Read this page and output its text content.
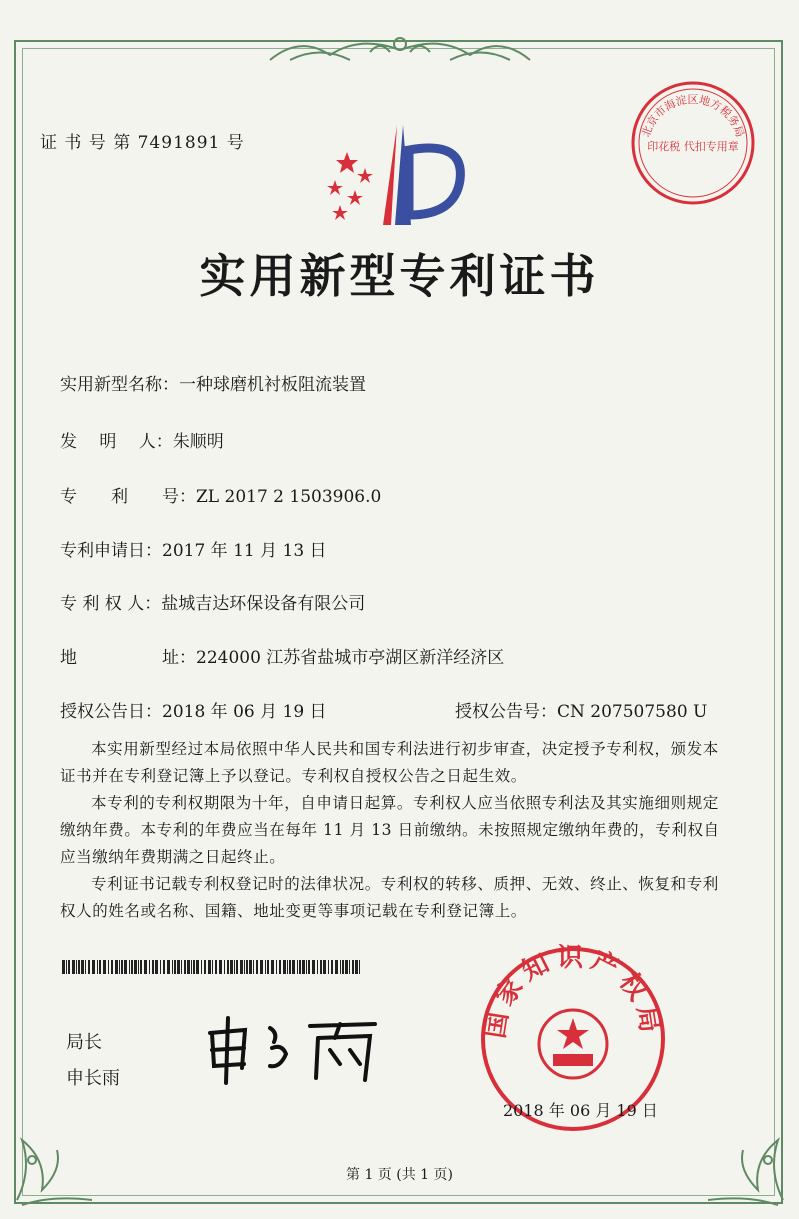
证 书 号 第 7491891 号
北京市海淀区地方税务局
印花税 代扣专用章
实用新型专利证书
实用新型名称：一种球磨机衬板阻流装置
发　 明　 人：朱顺明
专　　利　　号：ZL 2017 2 1503906.0
专利申请日：2017 年 11 月 13 日
专 利 权 人：盐城吉达环保设备有限公司
地　　　　　址：224000 江苏省盐城市亭湖区新洋经济区
授权公告日：2018 年 06 月 19 日	授权公告号：CN 207507580 U
本实用新型经过本局依照中华人民共和国专利法进行初步审查，决定授予专利权，颁发本证书并在专利登记簿上予以登记。专利权自授权公告之日起生效。
本专利的专利权期限为十年，自申请日起算。专利权人应当依照专利法及其实施细则规定缴纳年费。本专利的年费应当在每年 11 月 13 日前缴纳。未按照规定缴纳年费的，专利权自应当缴纳年费期满之日起终止。
专利证书记载专利权登记时的法律状况。专利权的转移、质押、无效、终止、恢复和专利权人的姓名或名称、国籍、地址变更等事项记载在专利登记簿上。
局长
申长雨
国家知识产权局
2018 年 06 月 19 日
第 1 页 (共 1 页)
